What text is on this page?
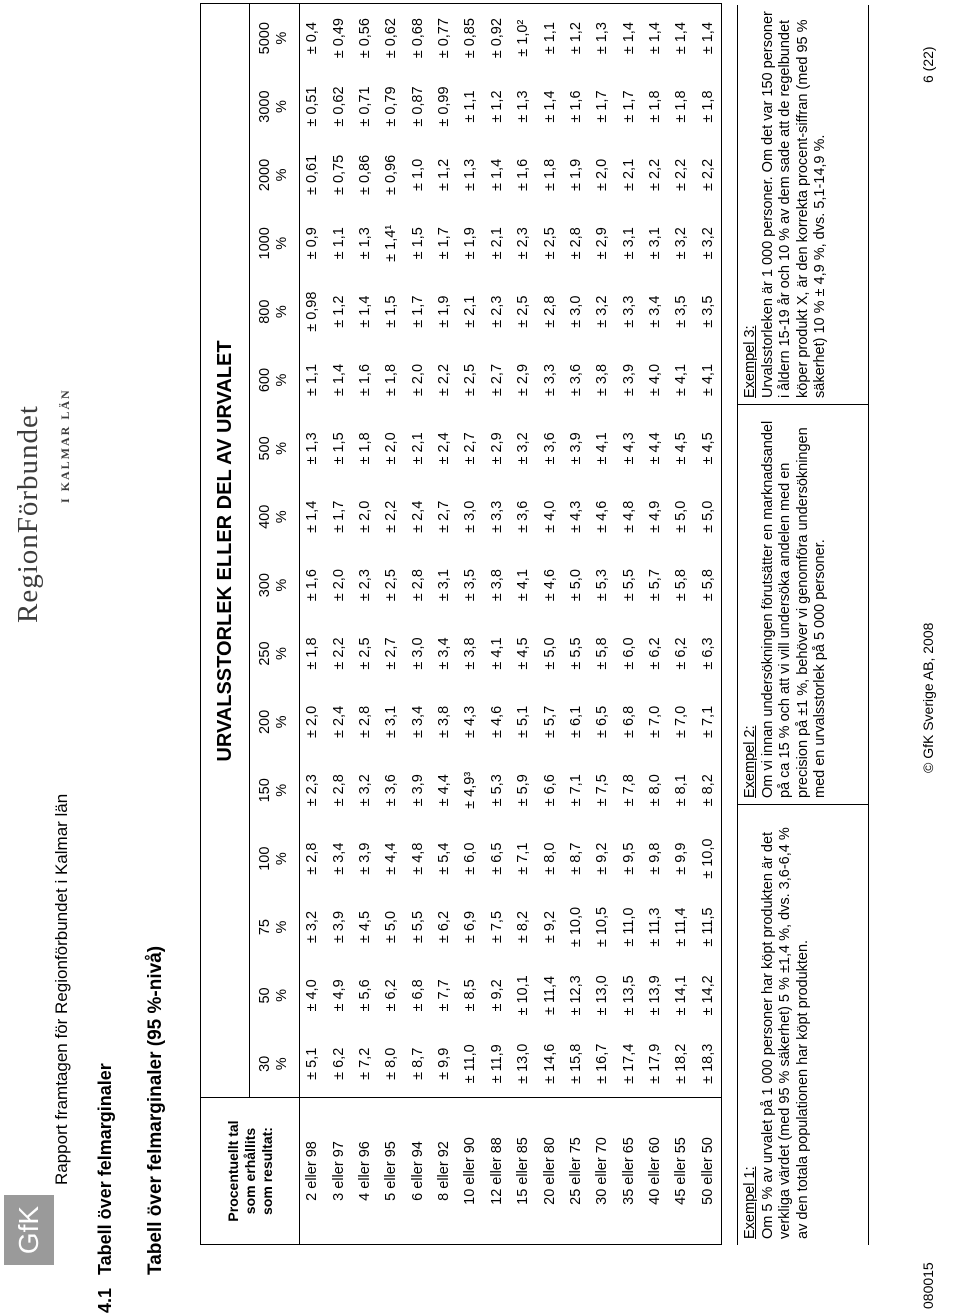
GfK
Rapport framtagen för Regionförbundet i Kalmar län
RegionFörbundet I KALMAR LÄN
4.1
Tabell över felmarginaler Tabell över felmarginaler (95 %-nivå)	Procentuellt tal som erhållits som resultat:
URVALSSTORLEK ELLER DEL AV URVALET
30 %
50 %
75 %
100 %
150 %
200 %
250 %
300 %
400 %
500 %
600 %
800 %
1000 %
2000 %
3000 %
5000 %
2 eller 98
± 5,1
± 4,0
± 3,2
± 2,8
± 2,3
± 2,0
± 1,8
± 1,6
± 1,4
± 1,3
± 1,1
± 0,98
± 0,9
± 0,61
± 0,51
± 0,4
3 eller 97
± 6,2
± 4,9
± 3,9
± 3,4
± 2,8
± 2,4
± 2,2
± 2,0
± 1,7
± 1,5
± 1,4
± 1,2
± 1,1
± 0,75
± 0,62
± 0,49
4 eller 96
± 7,2
± 5,6
± 4,5
± 3,9
± 3,2
± 2,8
± 2,5
± 2,3
± 2,0
± 1,8
± 1,6
± 1,4
± 1,3
± 0,86
± 0,71
± 0,56
5 eller 95
± 8,0
± 6,2
± 5,0
± 4,4
± 3,6
± 3,1
± 2,7
± 2,5
± 2,2
± 2,0
± 1,8
± 1,5
± 1,4¹
± 0,96
± 0,79
± 0,62
6 eller 94
± 8,7
± 6,8
± 5,5
± 4,8
± 3,9
± 3,4
± 3,0
± 2,8
± 2,4
± 2,1
± 2,0
± 1,7
± 1,5
± 1,0
± 0,87
± 0,68
8 eller 92
± 9,9
± 7,7
± 6,2
± 5,4
± 4,4
± 3,8
± 3,4
± 3,1
± 2,7
± 2,4
± 2,2
± 1,9
± 1,7
± 1,2
± 0,99
± 0,77
10 eller 90
± 11,0
± 8,5
± 6,9
± 6,0
± 4,9³
± 4,3
± 3,8
± 3,5
± 3,0
± 2,7
± 2,5
± 2,1
± 1,9
± 1,3
± 1,1
± 0,85
12 eller 88
± 11,9
± 9,2
± 7,5
± 6,5
± 5,3
± 4,6
± 4,1
± 3,8
± 3,3
± 2,9
± 2,7
± 2,3
± 2,1
± 1,4
± 1,2
± 0,92
15 eller 85
± 13,0
± 10,1
± 8,2
± 7,1
± 5,9
± 5,1
± 4,5
± 4,1
± 3,6
± 3,2
± 2,9
± 2,5
± 2,3
± 1,6
± 1,3
± 1,0²
20 eller 80
± 14,6
± 11,4
± 9,2
± 8,0
± 6,6
± 5,7
± 5,0
± 4,6
± 4,0
± 3,6
± 3,3
± 2,8
± 2,5
± 1,8
± 1,4
± 1,1
25 eller 75
± 15,8
± 12,3
± 10,0
± 8,7
± 7,1
± 6,1
± 5,5
± 5,0
± 4,3
± 3,9
± 3,6
± 3,0
± 2,8
± 1,9
± 1,6
± 1,2
30 eller 70
± 16,7
± 13,0
± 10,5
± 9,2
± 7,5
± 6,5
± 5,8
± 5,3
± 4,6
± 4,1
± 3,8
± 3,2
± 2,9
± 2,0
± 1,7
± 1,3
35 eller 65
± 17,4
± 13,5
± 11,0
± 9,5
± 7,8
± 6,8
± 6,0
± 5,5
± 4,8
± 4,3
± 3,9
± 3,3
± 3,1
± 2,1
± 1,7
± 1,4
40 eller 60
± 17,9
± 13,9
± 11,3
± 9,8
± 8,0
± 7,0
± 6,2
± 5,7
± 4,9
± 4,4
± 4,0
± 3,4
± 3,1
± 2,2
± 1,8
± 1,4
45 eller 55
± 18,2
± 14,1
± 11,4
± 9,9
± 8,1
± 7,0
± 6,2
± 5,8
± 5,0
± 4,5
± 4,1
± 3,5
± 3,2
± 2,2
± 1,8
± 1,4
50 eller 50
± 18,3
± 14,2
± 11,5
± 10,0
± 8,2
± 7,1
± 6,3
± 5,8
± 5,0
± 4,5
± 4,1
± 3,5
± 3,2
± 2,2
± 1,8
± 1,4
Exempel 1: Om 5 % av urvalet på 1 000 personer har köpt produkten är det verkliga värdet (med 95 % säkerhet) 5 % ±1,4 %, dvs. 3,6-6,4 % av den totala populationen har köpt produkten.

Exempel 2: Om vi innan undersökningen förutsätter en marknadsandel på ca 15 % och att vi vill undersöka andelen med en precision på ±1 %, behöver vi genomföra undersökningen med en urvalsstorlek på 5 000 personer.

Exempel 3: Urvalsstorleken är 1 000 personer. Om det var 150 personer i åldern 15-19 år och 10 % av dem sade att de regelbundet köper produkt X, är den korrekta procent-siffran (med 95 % säkerhet) 10 % ± 4,9 %, dvs. 5,1-14,9 %.

080015
© GfK Sverige AB, 2008
6 (22)
